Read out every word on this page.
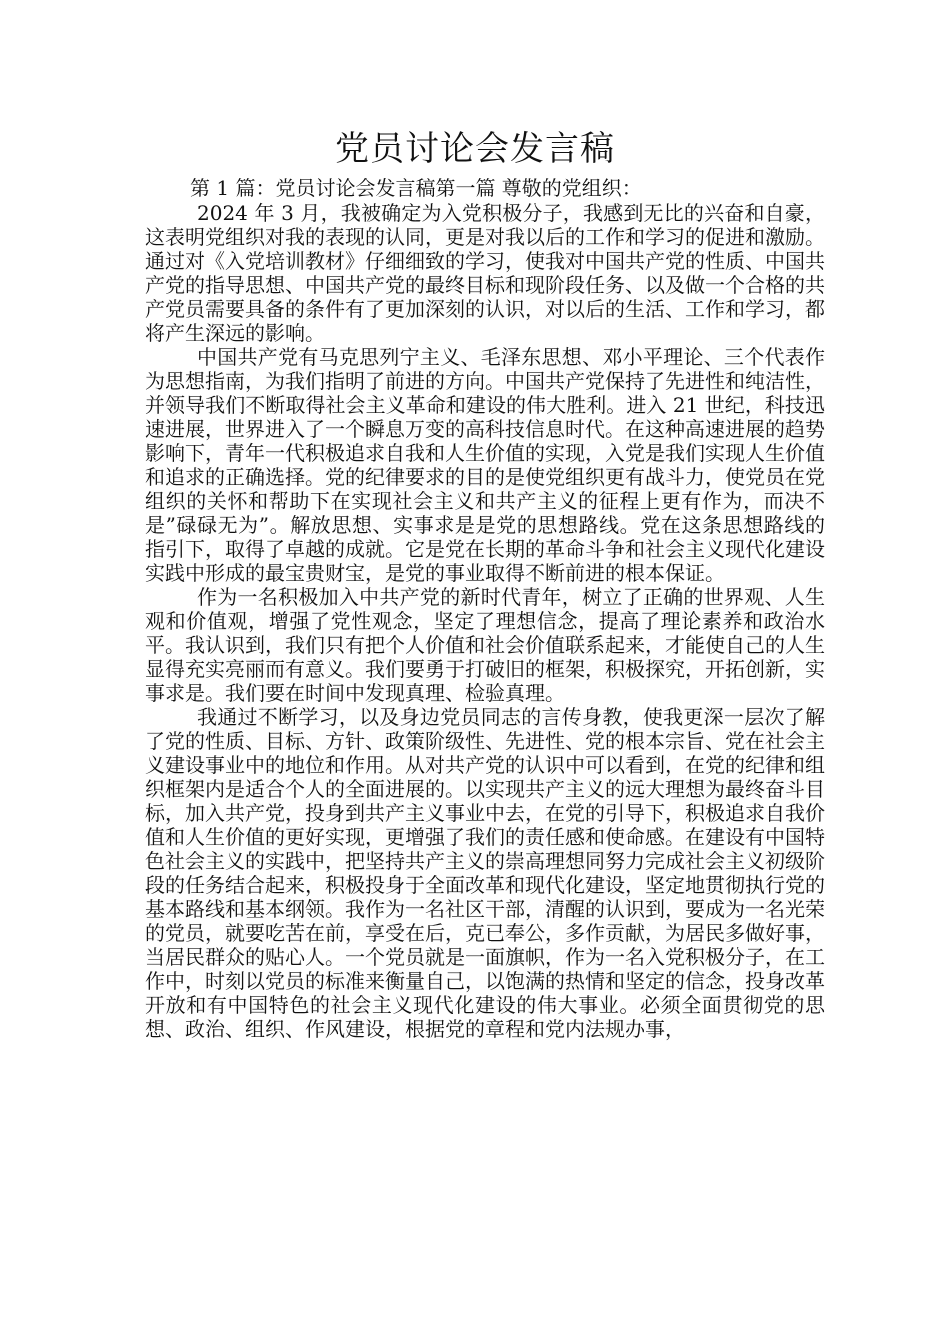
党员讨论会发言稿
第 1 篇：党员讨论会发言稿第一篇 尊敬的党组织：

2024 年 3 月，我被确定为入党积极分子，我感到无比的兴奋和自豪，这表明党组织对我的表现的认同，更是对我以后的工作和学习的促进和激励。通过对《入党培训教材》仔细细致的学习，使我对中国共产党的性质、中国共产党的指导思想、中国共产党的最终目标和现阶段任务、以及做一个合格的共产党员需要具备的条件有了更加深刻的认识，对以后的生活、工作和学习，都将产生深远的影响。

中国共产党有马克思列宁主义、毛泽东思想、邓小平理论、三个代表作为思想指南，为我们指明了前进的方向。中国共产党保持了先进性和纯洁性，并领导我们不断取得社会主义革命和建设的伟大胜利。进入 21 世纪，科技迅速进展，世界进入了一个瞬息万变的高科技信息时代。在这种高速进展的趋势影响下，青年一代积极追求自我和人生价值的实现，入党是我们实现人生价值和追求的正确选择。党的纪律要求的目的是使党组织更有战斗力，使党员在党组织的关怀和帮助下在实现社会主义和共产主义的征程上更有作为，而决不是”碌碌无为”。解放思想、实事求是是党的思想路线。党在这条思想路线的指引下，取得了卓越的成就。它是党在长期的革命斗争和社会主义现代化建设实践中形成的最宝贵财宝，是党的事业取得不断前进的根本保证。

作为一名积极加入中共产党的新时代青年，树立了正确的世界观、人生观和价值观，增强了党性观念，坚定了理想信念，提高了理论素养和政治水平。我认识到，我们只有把个人价值和社会价值联系起来，才能使自己的人生显得充实亮丽而有意义。我们要勇于打破旧的框架，积极探究，开拓创新，实事求是。我们要在时间中发现真理、检验真理。

我通过不断学习，以及身边党员同志的言传身教，使我更深一层次了解了党的性质、目标、方针、政策阶级性、先进性、党的根本宗旨、党在社会主义建设事业中的地位和作用。从对共产党的认识中可以看到，在党的纪律和组织框架内是适合个人的全面进展的。以实现共产主义的远大理想为最终奋斗目标，加入共产党，投身到共产主义事业中去，在党的引导下，积极追求自我价值和人生价值的更好实现，更增强了我们的责任感和使命感。在建设有中国特色社会主义的实践中，把坚持共产主义的崇高理想同努力完成社会主义初级阶段的任务结合起来，积极投身于全面改革和现代化建设，坚定地贯彻执行党的基本路线和基本纲领。我作为一名社区干部，清醒的认识到，要成为一名光荣的党员，就要吃苦在前，享受在后，克已奉公，多作贡献，为居民多做好事，当居民群众的贴心人。一个党员就是一面旗帜，作为一名入党积极分子，在工作中，时刻以党员的标准来衡量自己，以饱满的热情和坚定的信念，投身改革开放和有中国特色的社会主义现代化建设的伟大事业。必须全面贯彻党的思想、政治、组织、作风建设，根据党的章程和党内法规办事，
